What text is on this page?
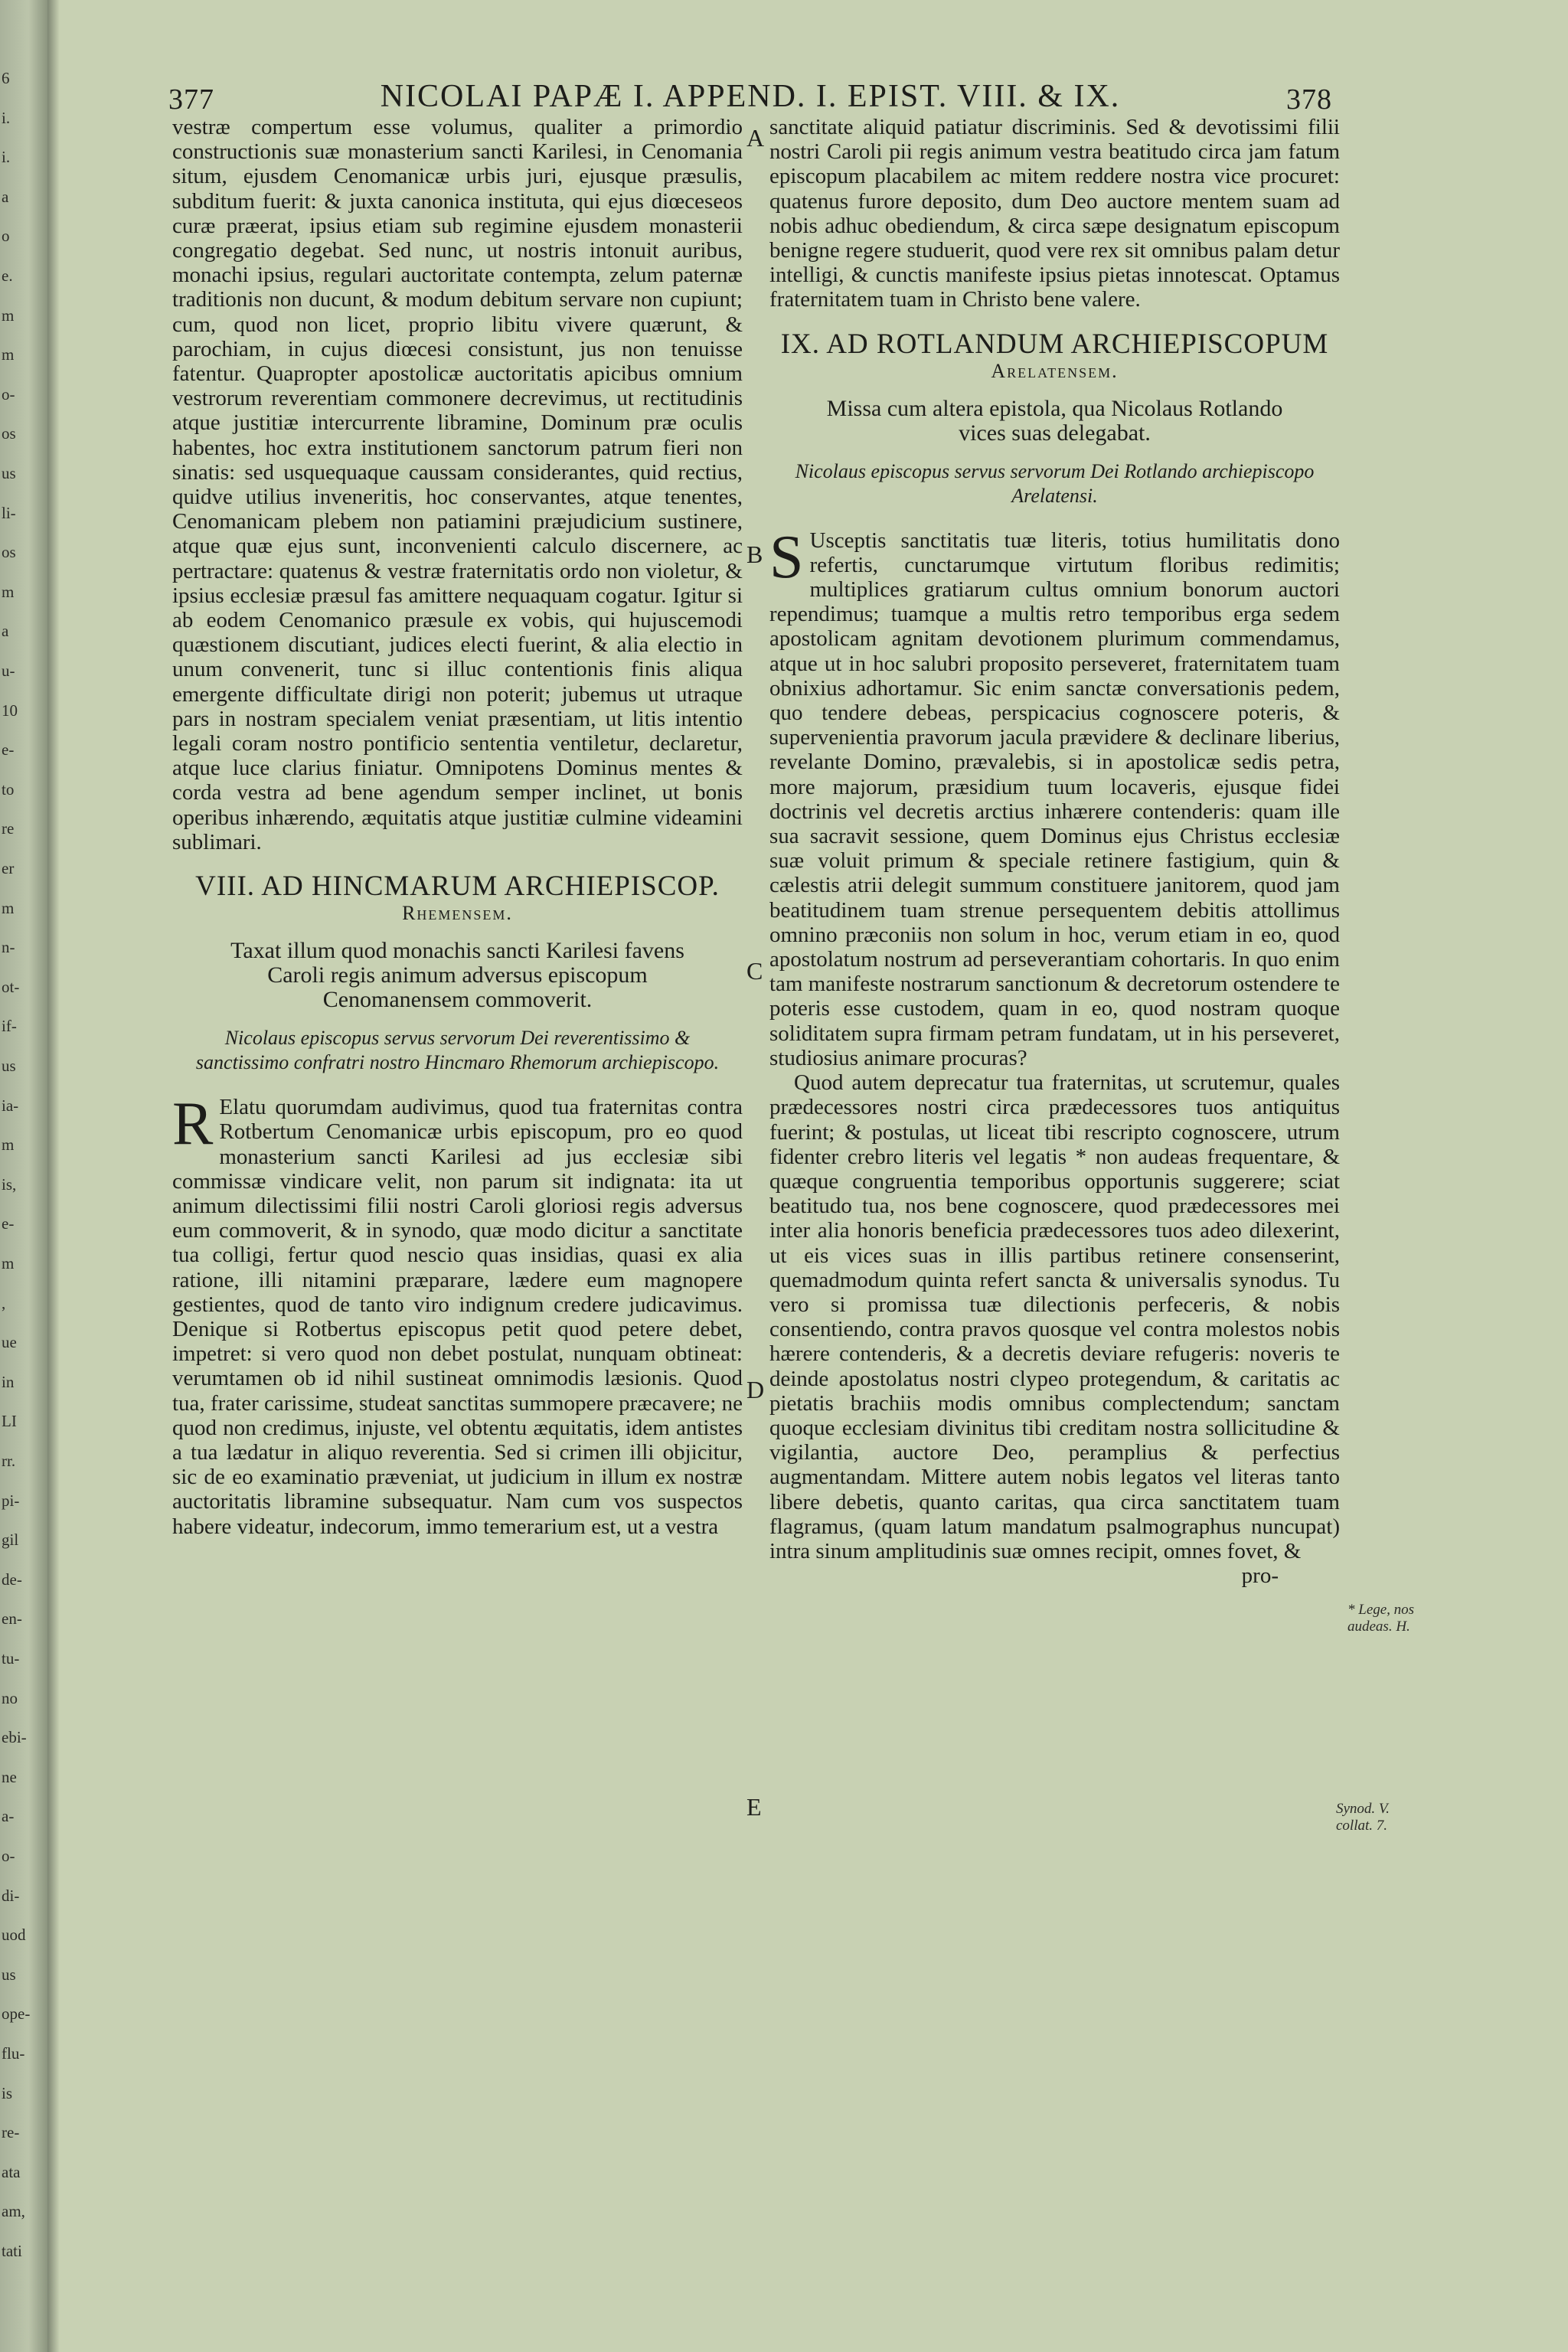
6
i.
i.
a
o
e.
m
m
o-
os
us
li-
os
m
a
u-
10
e-
to
re
er
m
n-
ot-
if-
us
ia-
m
is,
e-
m
,
ue
in
LI
rr.
pi-
gil
de-
en-
tu-
no
ebi-
ne
a-
o-
di-
uod
us
ope-
flu-
is
re-
ata
am,
tati
377	NICOLAI PAPÆ I. APPEND. I. EPIST. VIII. & IX.	378
A
B
C
D
E

vestræ compertum esse volumus, qualiter a primordio constructionis suæ monasterium sancti Karilesi, in Cenomania situm, ejusdem Cenomanicæ urbis juri, ejusque præsulis, subditum fuerit: & juxta canonica instituta, qui ejus diœceseos curæ præerat, ipsius etiam sub regimine ejusdem monasterii congregatio degebat. Sed nunc, ut nostris intonuit auribus, monachi ipsius, regulari auctoritate contempta, zelum paternæ traditionis non ducunt, & modum debitum servare non cupiunt; cum, quod non licet, proprio libitu vivere quærunt, & parochiam, in cujus diœcesi consistunt, jus non tenuisse fatentur. Quapropter apostolicæ auctoritatis apicibus omnium vestrorum reverentiam commonere decrevimus, ut rectitudinis atque justitiæ intercurrente libramine, Dominum præ oculis habentes, hoc extra institutionem sanctorum patrum fieri non sinatis: sed usquequaque caussam considerantes, quid rectius, quidve utilius inveneritis, hoc conservantes, atque tenentes, Cenomanicam plebem non patiamini præjudicium sustinere, atque quæ ejus sunt, inconvenienti calculo discernere, ac pertractare: quatenus & vestræ fraternitatis ordo non violetur, & ipsius ecclesiæ præsul fas amittere nequaquam cogatur. Igitur si ab eodem Cenomanico præsule ex vobis, qui hujuscemodi quæstionem discutiant, judices electi fuerint, & alia electio in unum convenerit, tunc si illuc contentionis finis aliqua emergente difficultate dirigi non poterit; jubemus ut utraque pars in nostram specialem veniat præsentiam, ut litis intentio legali coram nostro pontificio sententia ventiletur, declaretur, atque luce clarius finiatur. Omnipotens Dominus mentes & corda vestra ad bene agendum semper inclinet, ut bonis operibus inhærendo, æquitatis atque justitiæ culmine videamini sublimari.

VIII. AD HINCMARUM ARCHIEPISCOP.
Rhemensem.
Taxat illum quod monachis sancti Karilesi favens Caroli regis animum adversus episcopum Cenomanensem commoverit.
Nicolaus episcopus servus servorum Dei reverentissimo & sanctissimo confratri nostro Hincmaro Rhemorum archiepiscopo.

R Elatu quorumdam audivimus, quod tua fraternitas contra Rotbertum Cenomanicæ urbis episcopum, pro eo quod monasterium sancti Karilesi ad jus ecclesiæ sibi commissæ vindicare velit, non parum sit indignata: ita ut animum dilectissimi filii nostri Caroli gloriosi regis adversus eum commoverit, & in synodo, quæ modo dicitur a sanctitate tua colligi, fertur quod nescio quas insidias, quasi ex alia ratione, illi nitamini præparare, lædere eum magnopere gestientes, quod de tanto viro indignum credere judicavimus. Denique si Rotbertus episcopus petit quod petere debet, impetret: si vero quod non debet postulat, nunquam obtineat: verumtamen ob id nihil sustineat omnimodis læsionis. Quod tua, frater carissime, studeat sanctitas summopere præcavere; ne quod non credimus, injuste, vel obtentu æquitatis, idem antistes a tua lædatur in aliquo reverentia. Sed si crimen illi objicitur, sic de eo examinatio præveniat, ut judicium in illum ex nostræ auctoritatis libramine subsequatur. Nam cum vos suspectos habere videatur, indecorum, immo temerarium est, ut a vestra

sanctitate aliquid patiatur discriminis. Sed & devotissimi filii nostri Caroli pii regis animum vestra beatitudo circa jam fatum episcopum placabilem ac mitem reddere nostra vice procuret: quatenus furore deposito, dum Deo auctore mentem suam ad nobis adhuc obediendum, & circa sæpe designatum episcopum benigne regere studuerit, quod vere rex sit omnibus palam detur intelligi, & cunctis manifeste ipsius pietas innotescat. Optamus fraternitatem tuam in Christo bene valere.

IX. AD ROTLANDUM ARCHIEPISCOPUM
Arelatensem.
Missa cum altera epistola, qua Nicolaus Rotlando vices suas delegabat.
Nicolaus episcopus servus servorum Dei Rotlando archiepiscopo Arelatensi.

S Usceptis sanctitatis tuæ literis, totius humilitatis dono refertis, cunctarumque virtutum floribus redimitis; multiplices gratiarum cultus omnium bonorum auctori rependimus; tuamque a multis retro temporibus erga sedem apostolicam agnitam devotionem plurimum commendamus, atque ut in hoc salubri proposito perseveret, fraternitatem tuam obnixius adhortamur. Sic enim sanctæ conversationis pedem, quo tendere debeas, perspicacius cognoscere poteris, & supervenientia pravorum jacula prævidere & declinare liberius, revelante Domino, prævalebis, si in apostolicæ sedis petra, more majorum, præsidium tuum locaveris, ejusque fidei doctrinis vel decretis arctius inhærere contenderis: quam ille sua sacravit sessione, quem Dominus ejus Christus ecclesiæ suæ voluit primum & speciale retinere fastigium, quin & cælestis atrii delegit summum constituere janitorem, quod jam beatitudinem tuam strenue persequentem debitis attollimus omnino præconiis non solum in hoc, verum etiam in eo, quod apostolatum nostrum ad perseverantiam cohortaris. In quo enim tam manifeste nostrarum sanctionum & decretorum ostendere te poteris esse custodem, quam in eo, quod nostram quoque soliditatem supra firmam petram fundatam, ut in his perseveret, studiosius animare procuras?

Quod autem deprecatur tua fraternitas, ut scrutemur, quales prædecessores nostri circa prædecessores tuos antiquitus fuerint; & postulas, ut liceat tibi rescripto cognoscere, utrum fidenter crebro literis vel legatis * non audeas frequentare, & quæque congruentia temporibus opportunis suggerere; sciat beatitudo tua, nos bene cognoscere, quod prædecessores mei inter alia honoris beneficia prædecessores tuos adeo dilexerint, ut eis vices suas in illis partibus retinere consenserint, quemadmodum quinta refert sancta & universalis synodus. Tu vero si promissa tuæ dilectionis perfeceris, & nobis consentiendo, contra pravos quosque vel contra molestos nobis hærere contenderis, & a decretis deviare refugeris: noveris te deinde apostolatus nostri clypeo protegendum, & caritatis ac pietatis brachiis modis omnibus complectendum; sanctam quoque ecclesiam divinitus tibi creditam nostra sollicitudine & vigilantia, auctore Deo, peramplius & perfectius augmentandam. Mittere autem nobis legatos vel literas tanto libere debetis, quanto caritas, qua circa sanctitatem tuam flagramus, (quam latum mandatum psalmographus nuncupat) intra sinum amplitudinis suæ omnes recipit, omnes fovet, &

pro-

* Lege, nos audeas. H.
Synod. V. collat. 7.
